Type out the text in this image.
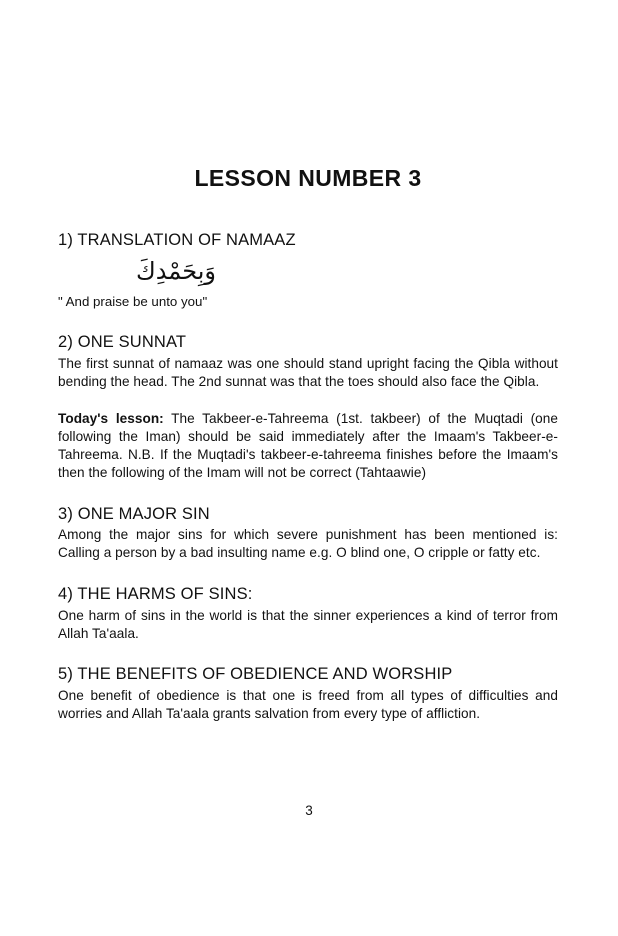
LESSON NUMBER 3
1) TRANSLATION OF NAMAAZ
وَبِحَمْدِكَ

" And praise be unto you"

2) ONE SUNNAT

The first sunnat of namaaz was one should stand upright facing the Qibla without bending the head. The 2nd sunnat was that the toes should also face the Qibla.

Today's lesson: The Takbeer-e-Tahreema (1st. takbeer) of the Muqtadi (one following the Iman) should be said immediately after the Imaam's Takbeer-e-Tahreema. N.B. If the Muqtadi's takbeer-e-tahreema finishes before the Imaam's then the following of the Imam will not be correct (Tahtaawie)

3) ONE MAJOR SIN

Among the major sins for which severe punishment has been mentioned is: Calling a person by a bad insulting name e.g. O blind one, O cripple or fatty etc.

4) THE HARMS OF SINS:

One harm of sins in the world is that the sinner experiences a kind of terror from Allah Ta'aala.

5) THE BENEFITS OF OBEDIENCE AND WORSHIP

One benefit of obedience is that one is freed from all types of difficulties and worries and Allah Ta'aala grants salvation from every type of affliction.

3
